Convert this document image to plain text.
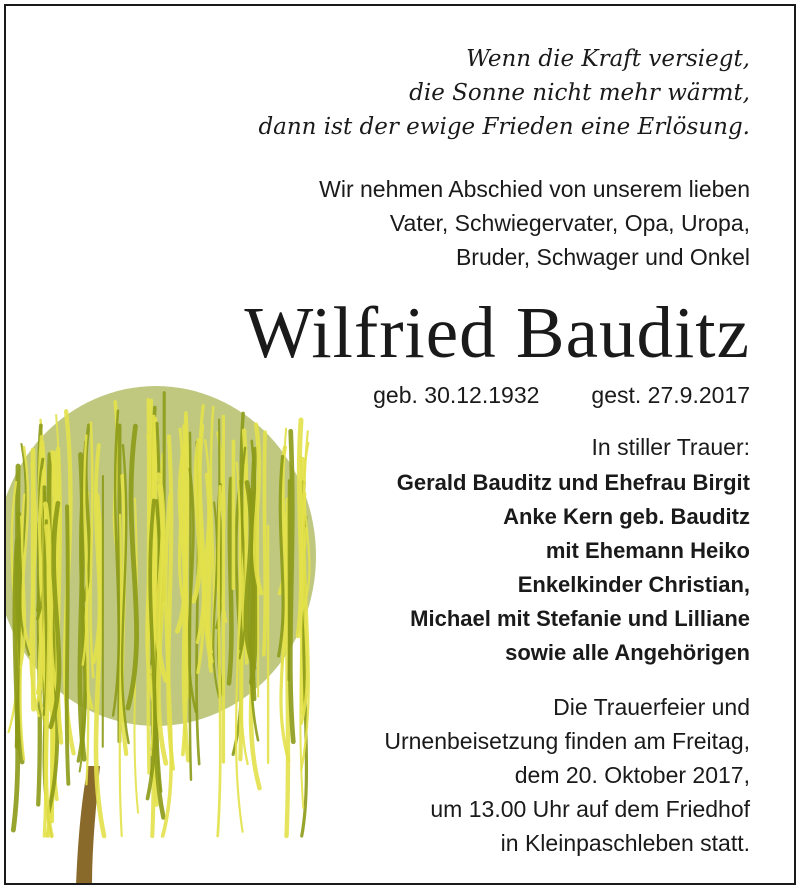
Wenn die Kraft versiegt,
die Sonne nicht mehr wärmt,
dann ist der ewige Frieden eine Erlösung.
Wir nehmen Abschied von unserem lieben
Vater, Schwiegervater, Opa, Uropa,
Bruder, Schwager und Onkel
Wilfried Bauditz
geb. 30.12.1932 gest. 27.9.2017
In stiller Trauer:
Gerald Bauditz und Ehefrau Birgit
Anke Kern geb. Bauditz
mit Ehemann Heiko
Enkelkinder Christian,
Michael mit Stefanie und Lilliane
sowie alle Angehörigen
Die Trauerfeier und
Urnenbeisetzung finden am Freitag,
dem 20. Oktober 2017,
um 13.00 Uhr auf dem Friedhof
in Kleinpaschleben statt.
